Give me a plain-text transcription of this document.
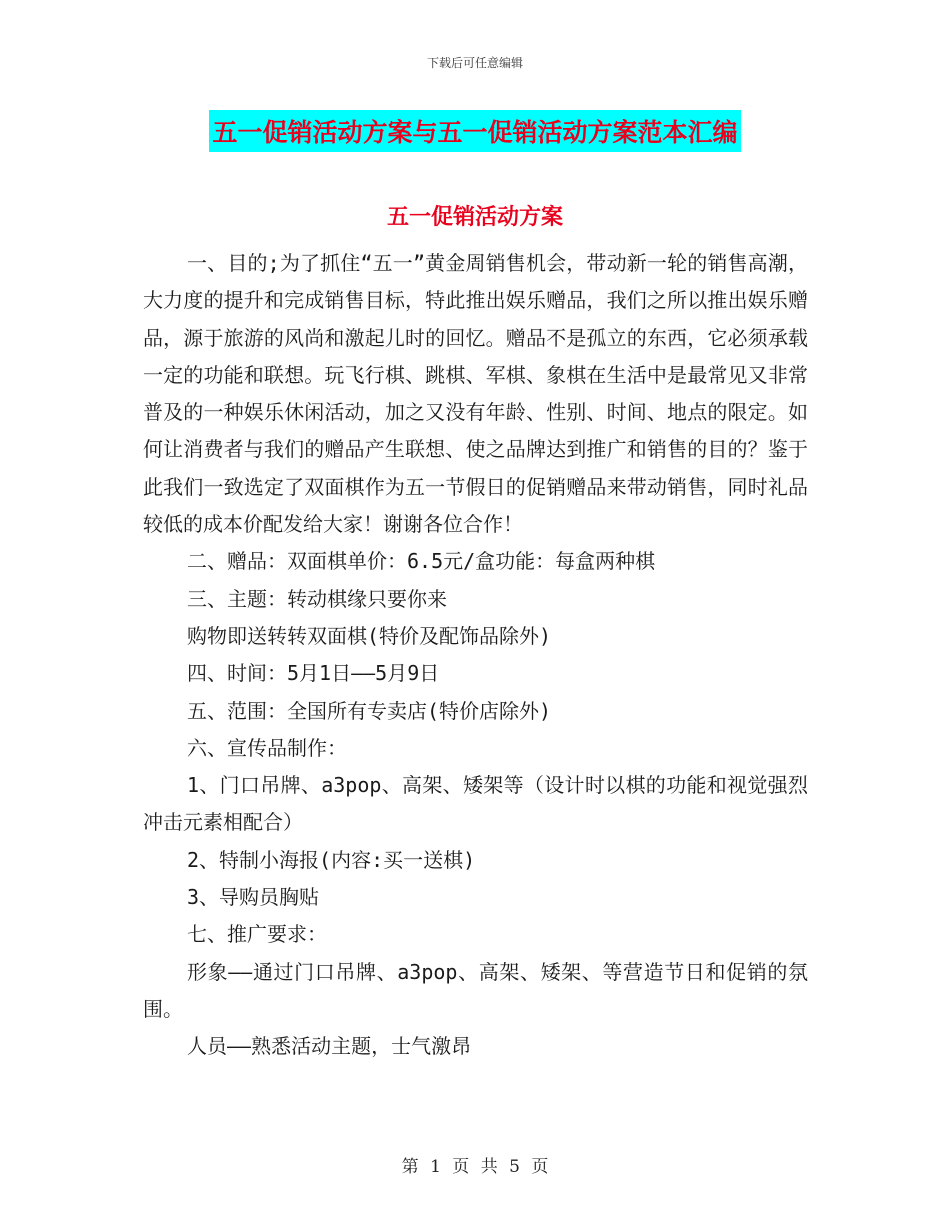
下载后可任意编辑
五一促销活动方案与五一促销活动方案范本汇编
五一促销活动方案

一、目的;为了抓住“五一”黄金周销售机会，带动新一轮的销售高潮，大力度的提升和完成销售目标，特此推出娱乐赠品，我们之所以推出娱乐赠品，源于旅游的风尚和激起儿时的回忆。赠品不是孤立的东西，它必须承载一定的功能和联想。玩飞行棋、跳棋、军棋、象棋在生活中是最常见又非常普及的一种娱乐休闲活动，加之又没有年龄、性别、时间、地点的限定。如何让消费者与我们的赠品产生联想、使之品牌达到推广和销售的目的？鉴于此我们一致选定了双面棋作为五一节假日的促销赠品来带动销售，同时礼品较低的成本价配发给大家！谢谢各位合作！

二、赠品：双面棋单价：6.5元/盒功能：每盒两种棋

三、主题：转动棋缘只要你来

购物即送转转双面棋(特价及配饰品除外)

四、时间：5月1日——5月9日

五、范围：全国所有专卖店(特价店除外)

六、宣传品制作：

1、门口吊牌、a3pop、高架、矮架等（设计时以棋的功能和视觉强烈冲击元素相配合）

2、特制小海报(内容:买一送棋)

3、导购员胸贴

七、推广要求：

形象——通过门口吊牌、a3pop、高架、矮架、等营造节日和促销的氛围。

人员——熟悉活动主题，士气激昂

第 1 页 共 5 页
